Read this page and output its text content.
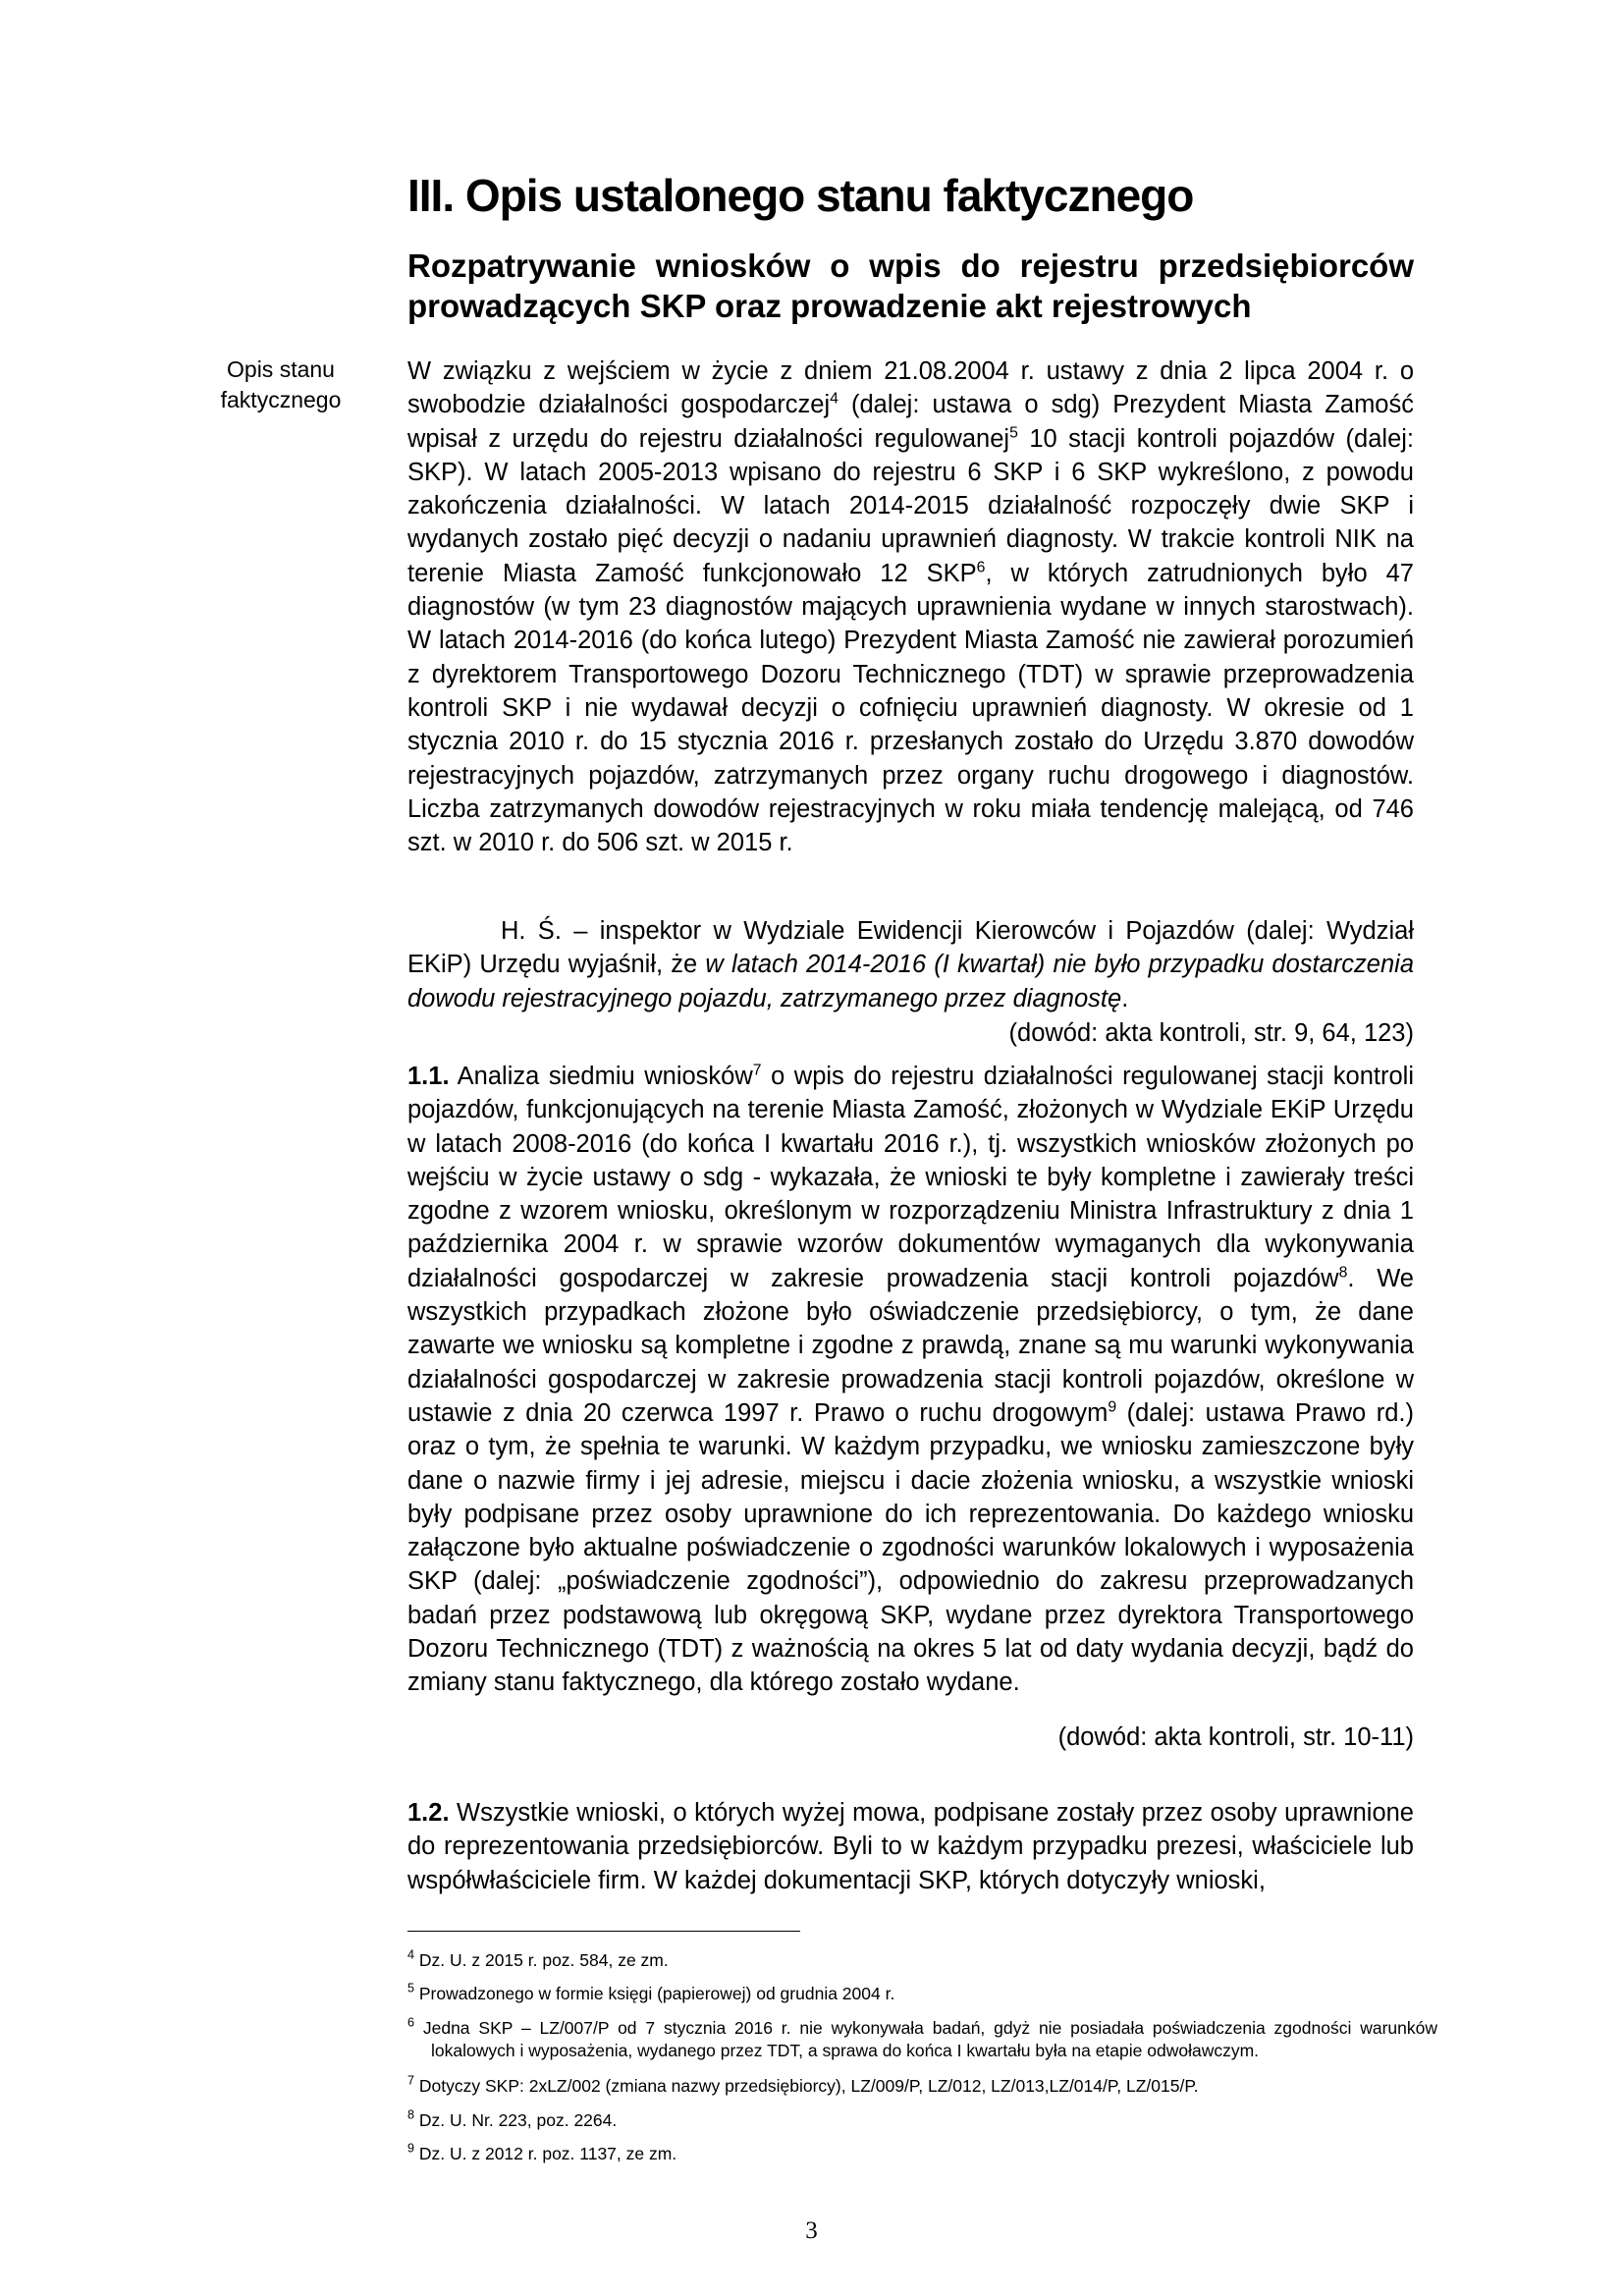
III. Opis ustalonego stanu faktycznego
Rozpatrywanie wniosków o wpis do rejestru przedsiębiorców prowadzących SKP oraz prowadzenie akt rejestrowych
Opis stanu faktycznego

W związku z wejściem w życie z dniem 21.08.2004 r. ustawy z dnia 2 lipca 2004 r. o swobodzie działalności gospodarczej$^4$ (dalej: ustawa o sdg) Prezydent Miasta Zamość wpisał z urzędu do rejestru działalności regulowanej$^5$ 10 stacji kontroli pojazdów (dalej: SKP). W latach 2005-2013 wpisano do rejestru 6 SKP i 6 SKP wykreślono, z powodu zakończenia działalności. W latach 2014-2015 działalność rozpoczęły dwie SKP i wydanych zostało pięć decyzji o nadaniu uprawnień diagnosty. W trakcie kontroli NIK na terenie Miasta Zamość funkcjonowało 12 SKP$^6$, w których zatrudnionych było 47 diagnostów (w tym 23 diagnostów mających uprawnienia wydane w innych starostwach). W latach 2014-2016 (do końca lutego) Prezydent Miasta Zamość nie zawierał porozumień z dyrektorem Transportowego Dozoru Technicznego (TDT) w sprawie przeprowadzenia kontroli SKP i nie wydawał decyzji o cofnięciu uprawnień diagnosty. W okresie od 1 stycznia 2010 r. do 15 stycznia 2016 r. przesłanych zostało do Urzędu 3.870 dowodów rejestracyjnych pojazdów, zatrzymanych przez organy ruchu drogowego i diagnostów. Liczba zatrzymanych dowodów rejestracyjnych w roku miała tendencję malejącą, od 746 szt. w 2010 r. do 506 szt. w 2015 r.

H. Ś. – inspektor w Wydziale Ewidencji Kierowców i Pojazdów (dalej: Wydział EKiP) Urzędu wyjaśnił, że w latach 2014-2016 (I kwartał) nie było przypadku dostarczenia dowodu rejestracyjnego pojazdu, zatrzymanego przez diagnostę.

(dowód: akta kontroli, str. 9, 64, 123)

1.1. Analiza siedmiu wniosków$^7$ o wpis do rejestru działalności regulowanej stacji kontroli pojazdów, funkcjonujących na terenie Miasta Zamość, złożonych w Wydziale EKiP Urzędu w latach 2008-2016 (do końca I kwartału 2016 r.), tj. wszystkich wniosków złożonych po wejściu w życie ustawy o sdg - wykazała, że wnioski te były kompletne i zawierały treści zgodne z wzorem wniosku, określonym w rozporządzeniu Ministra Infrastruktury z dnia 1 października 2004 r. w sprawie wzorów dokumentów wymaganych dla wykonywania działalności gospodarczej w zakresie prowadzenia stacji kontroli pojazdów$^8$. We wszystkich przypadkach złożone było oświadczenie przedsiębiorcy, o tym, że dane zawarte we wniosku są kompletne i zgodne z prawdą, znane są mu warunki wykonywania działalności gospodarczej w zakresie prowadzenia stacji kontroli pojazdów, określone w ustawie z dnia 20 czerwca 1997 r. Prawo o ruchu drogowym$^9$ (dalej: ustawa Prawo rd.) oraz o tym, że spełnia te warunki. W każdym przypadku, we wniosku zamieszczone były dane o nazwie firmy i jej adresie, miejscu i dacie złożenia wniosku, a wszystkie wnioski były podpisane przez osoby uprawnione do ich reprezentowania. Do każdego wniosku załączone było aktualne poświadczenie o zgodności warunków lokalowych i wyposażenia SKP (dalej: „poświadczenie zgodności”), odpowiednio do zakresu przeprowadzanych badań przez podstawową lub okręgową SKP, wydane przez dyrektora Transportowego Dozoru Technicznego (TDT) z ważnością na okres 5 lat od daty wydania decyzji, bądź do zmiany stanu faktycznego, dla którego zostało wydane.

(dowód: akta kontroli, str. 10-11)

1.2. Wszystkie wnioski, o których wyżej mowa, podpisane zostały przez osoby uprawnione do reprezentowania przedsiębiorców. Byli to w każdym przypadku prezesi, właściciele lub współwłaściciele firm. W każdej dokumentacji SKP, których dotyczyły wnioski,

$^4$ Dz. U. z 2015 r. poz. 584, ze zm.
$^5$ Prowadzonego w formie księgi (papierowej) od grudnia 2004 r.
$^6$ Jedna SKP – LZ/007/P od 7 stycznia 2016 r. nie wykonywała badań, gdyż nie posiadała poświadczenia zgodności warunków lokalowych i wyposażenia, wydanego przez TDT, a sprawa do końca I kwartału była na etapie odwoławczym.
$^7$ Dotyczy SKP: 2xLZ/002 (zmiana nazwy przedsiębiorcy), LZ/009/P, LZ/012, LZ/013,LZ/014/P, LZ/015/P.
$^8$ Dz. U. Nr. 223, poz. 2264.
$^9$ Dz. U. z 2012 r. poz. 1137, ze zm.
3
